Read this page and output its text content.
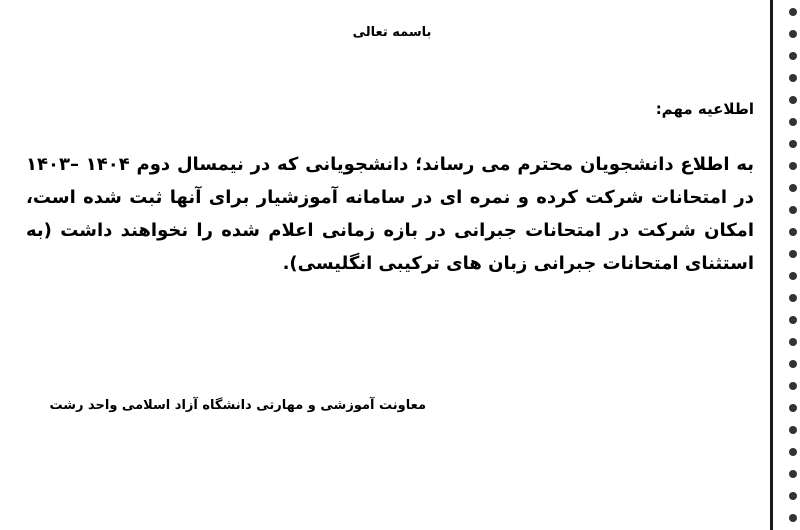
باسمه تعالی
اطلاعیه مهم:
به اطلاع دانشجویان محترم می رساند؛ دانشجویانی که در نیمسال دوم ۱۴۰۴ –۱۴۰۳ در امتحانات شرکت کرده و نمره ای در سامانه آموزشیار برای آنها ثبت شده است، امکان شرکت در امتحانات جبرانی در بازه زمانی اعلام شده را نخواهند داشت (به استثنای امتحانات جبرانی زبان های ترکیبی انگلیسی).
معاونت آموزشی و مهارتی دانشگاه آزاد اسلامی واحد رشت
